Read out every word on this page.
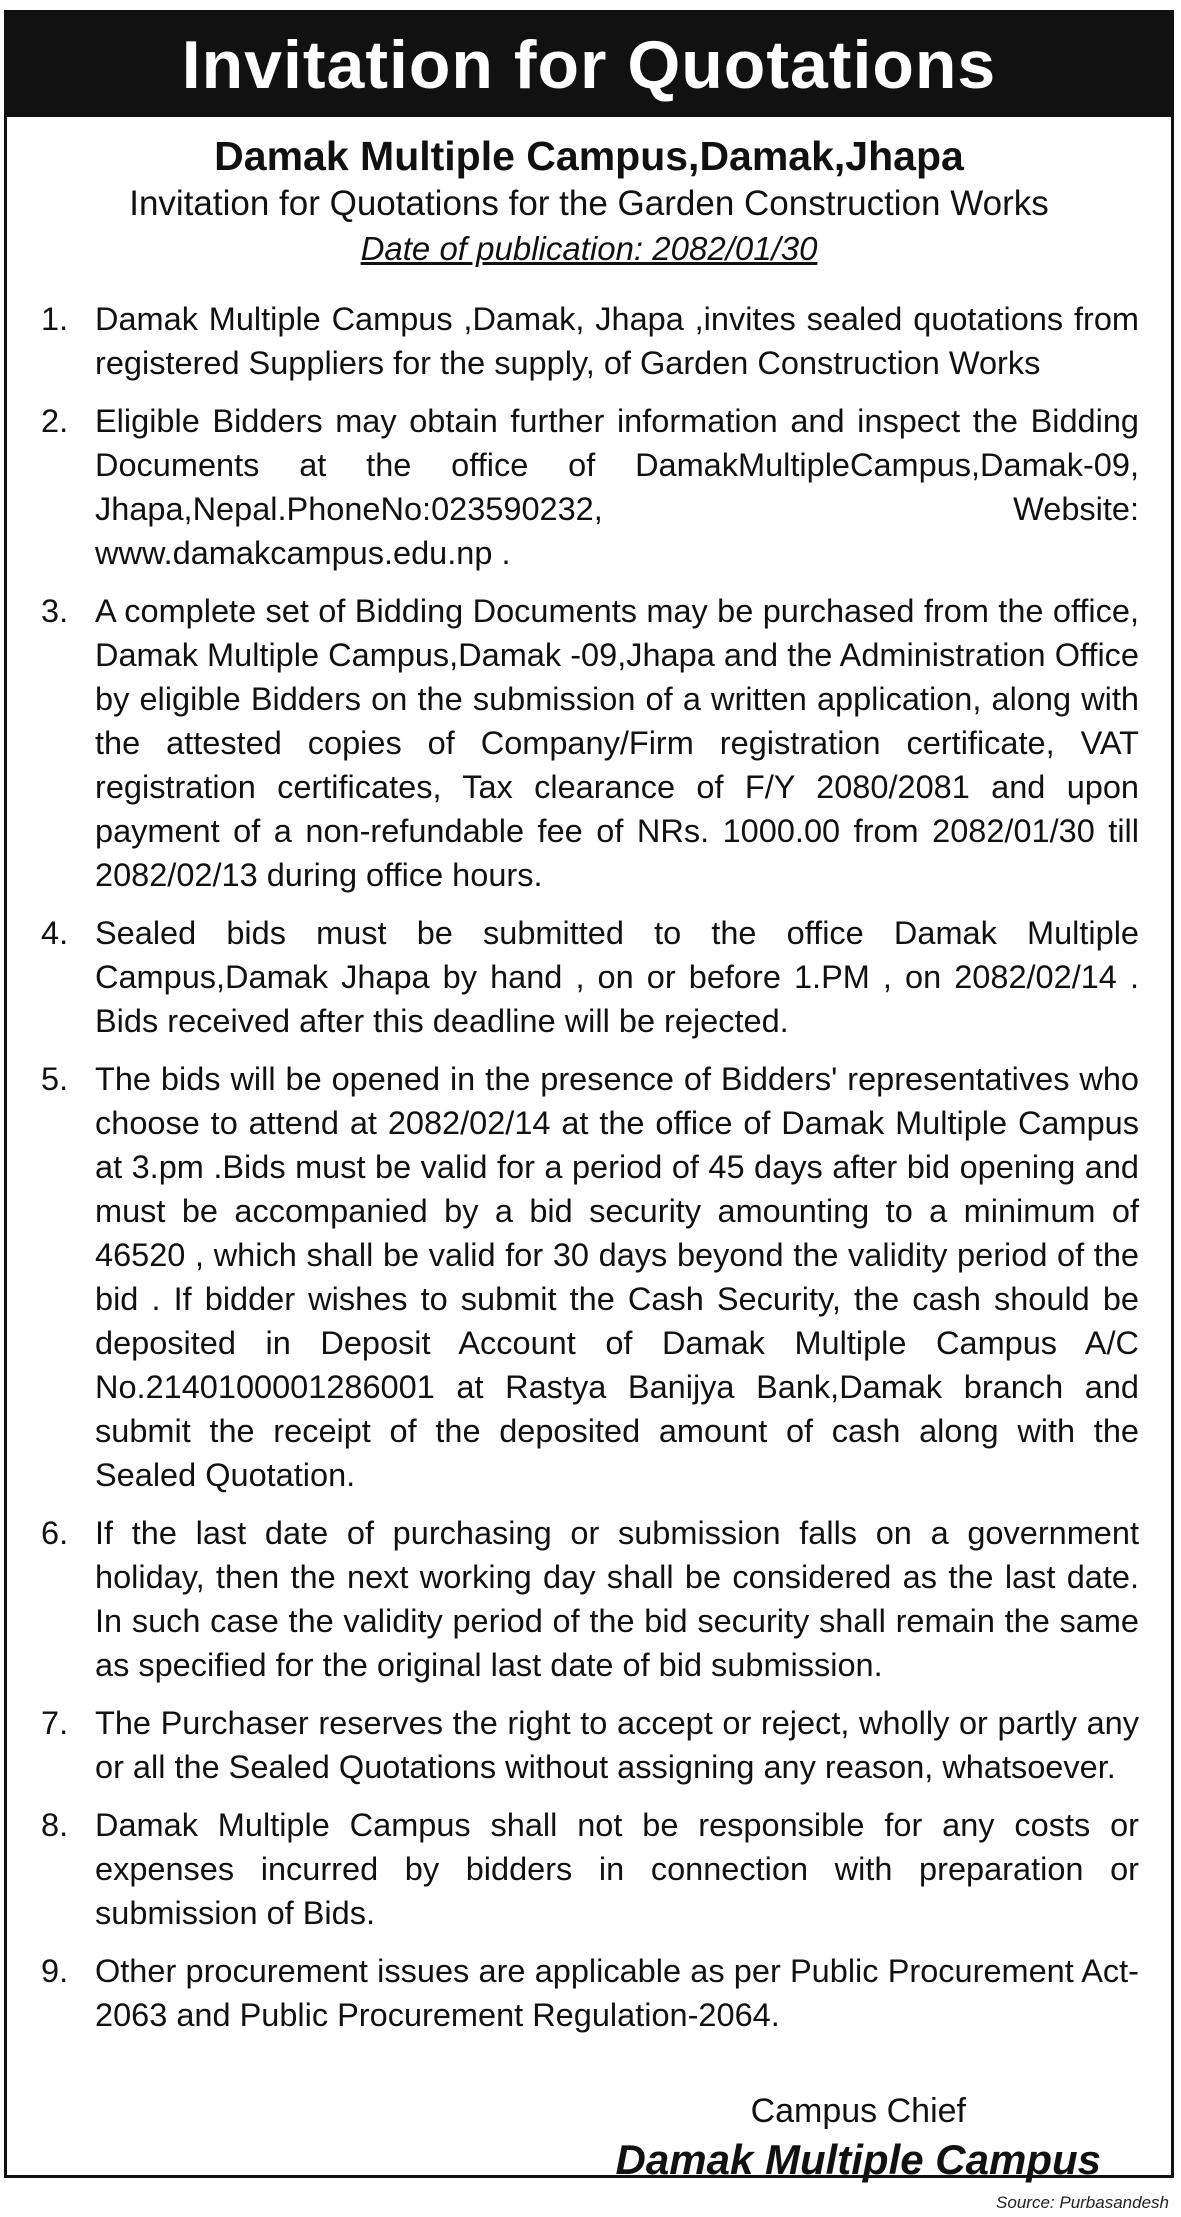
Invitation for Quotations
Damak Multiple Campus,Damak,Jhapa
Invitation for Quotations for the Garden Construction Works
Date of publication: 2082/01/30
1. Damak Multiple Campus ,Damak, Jhapa ,invites sealed quotations from registered Suppliers for the supply, of Garden Construction Works
2. Eligible Bidders may obtain further information and inspect the Bidding Documents at the office of DamakMultipleCampus,Damak-09, Jhapa,Nepal.PhoneNo:023590232, Website: www.damakcampus.edu.np .
3. A complete set of Bidding Documents may be purchased from the office, Damak Multiple Campus,Damak -09,Jhapa and the Administration Office by eligible Bidders on the submission of a written application, along with the attested copies of Company/Firm registration certificate, VAT registration certificates, Tax clearance of F/Y 2080/2081 and upon payment of a non-refundable fee of NRs. 1000.00 from 2082/01/30 till 2082/02/13 during office hours.
4. Sealed bids must be submitted to the office Damak Multiple Campus,Damak Jhapa by hand , on or before 1.PM , on 2082/02/14 . Bids received after this deadline will be rejected.
5. The bids will be opened in the presence of Bidders' representatives who choose to attend at 2082/02/14 at the office of Damak Multiple Campus at 3.pm .Bids must be valid for a period of 45 days after bid opening and must be accompanied by a bid security amounting to a minimum of 46520 , which shall be valid for 30 days beyond the validity period of the bid . If bidder wishes to submit the Cash Security, the cash should be deposited in Deposit Account of Damak Multiple Campus A/C No.2140100001286001 at Rastya Banijya Bank,Damak branch and submit the receipt of the deposited amount of cash along with the Sealed Quotation.
6. If the last date of purchasing or submission falls on a government holiday, then the next working day shall be considered as the last date. In such case the validity period of the bid security shall remain the same as specified for the original last date of bid submission.
7. The Purchaser reserves the right to accept or reject, wholly or partly any or all the Sealed Quotations without assigning any reason, whatsoever.
8. Damak Multiple Campus shall not be responsible for any costs or expenses incurred by bidders in connection with preparation or submission of Bids.
9. Other procurement issues are applicable as per Public Procurement Act-2063 and Public Procurement Regulation-2064.
Campus Chief
Damak Multiple Campus
Source: Purbasandesh
